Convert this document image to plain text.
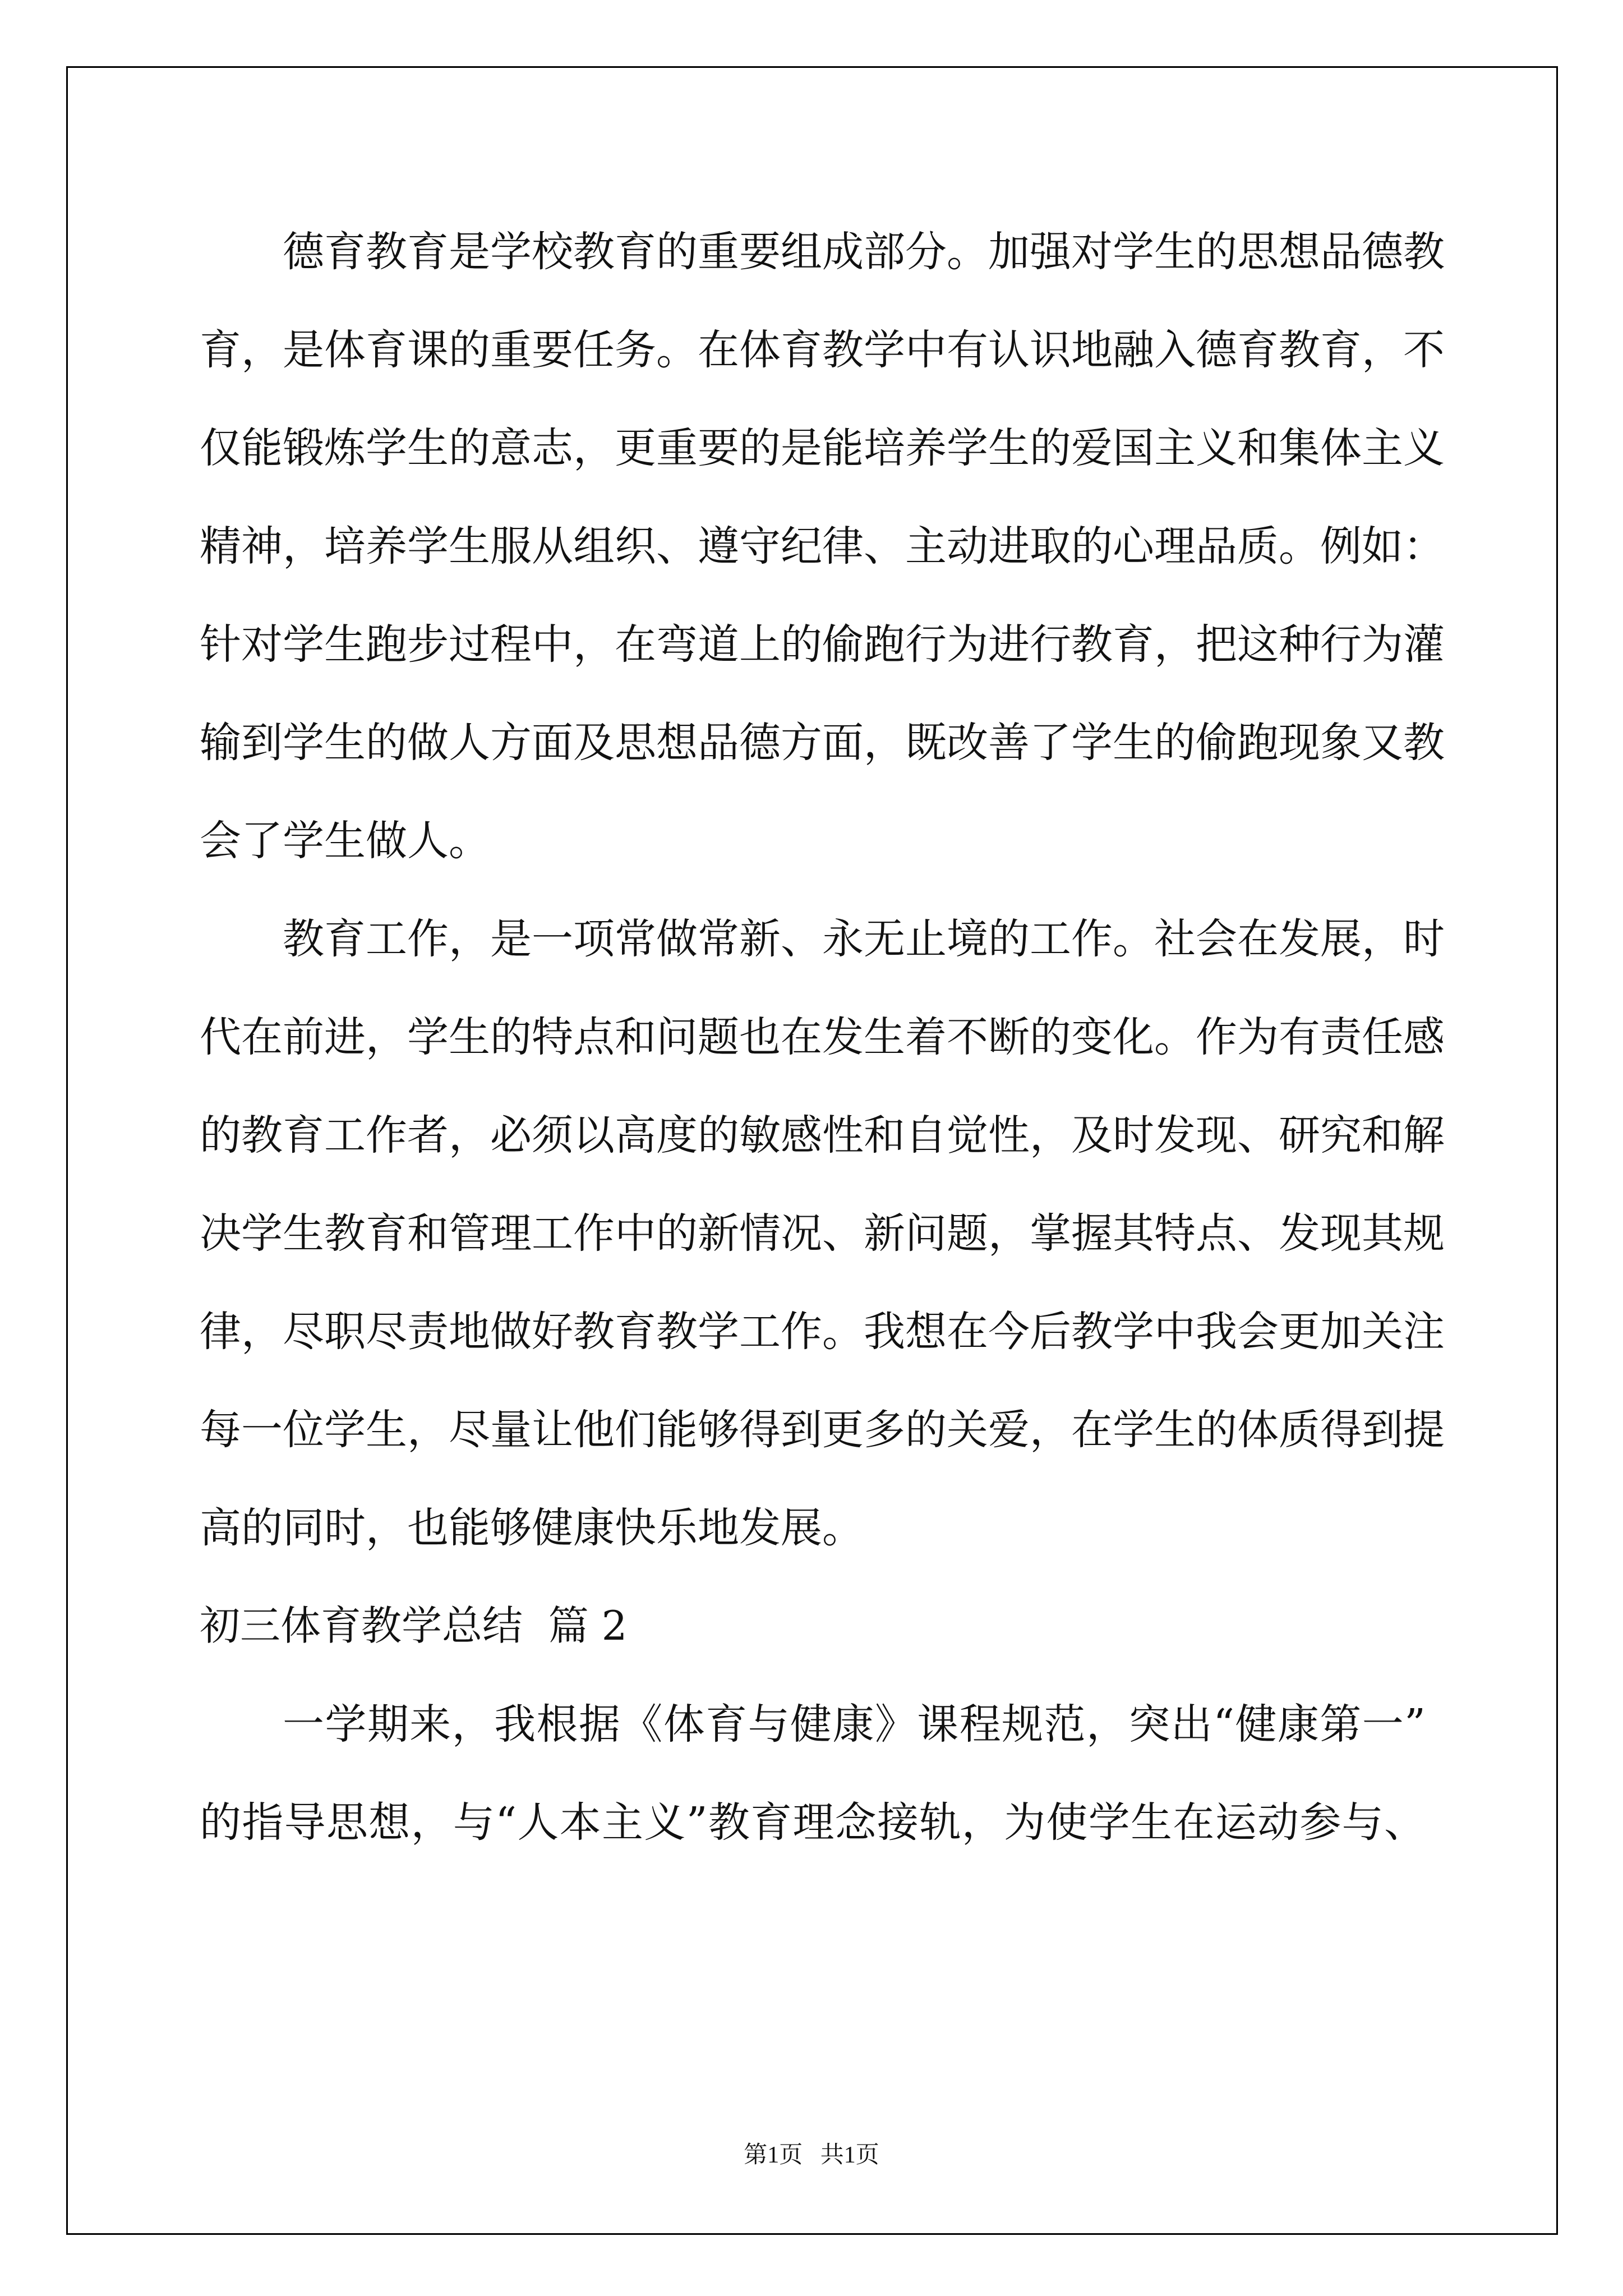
德育教育是学校教育的重要组成部分。加强对学生的思想品德教
育，是体育课的重要任务。在体育教学中有认识地融入德育教育，不
仅能锻炼学生的意志，更重要的是能培养学生的爱国主义和集体主义
精神，培养学生服从组织、遵守纪律、主动进取的心理品质。例如：
针对学生跑步过程中，在弯道上的偷跑行为进行教育，把这种行为灌
输到学生的做人方面及思想品德方面，既改善了学生的偷跑现象又教
会了学生做人。
教育工作，是一项常做常新、永无止境的工作。社会在发展，时
代在前进，学生的特点和问题也在发生着不断的变化。作为有责任感
的教育工作者，必须以高度的敏感性和自觉性，及时发现、研究和解
决学生教育和管理工作中的新情况、新问题，掌握其特点、发现其规
律，尽职尽责地做好教育教学工作。我想在今后教学中我会更加关注
每一位学生，尽量让他们能够得到更多的关爱，在学生的体质得到提
高的同时，也能够健康快乐地发展。
初三体育教学总结  篇 2
一学期来，我根据《体育与健康》课程规范，突出“健康第一”
的指导思想，与“人本主义”教育理念接轨，为使学生在运动参与、
第1页   共1页
